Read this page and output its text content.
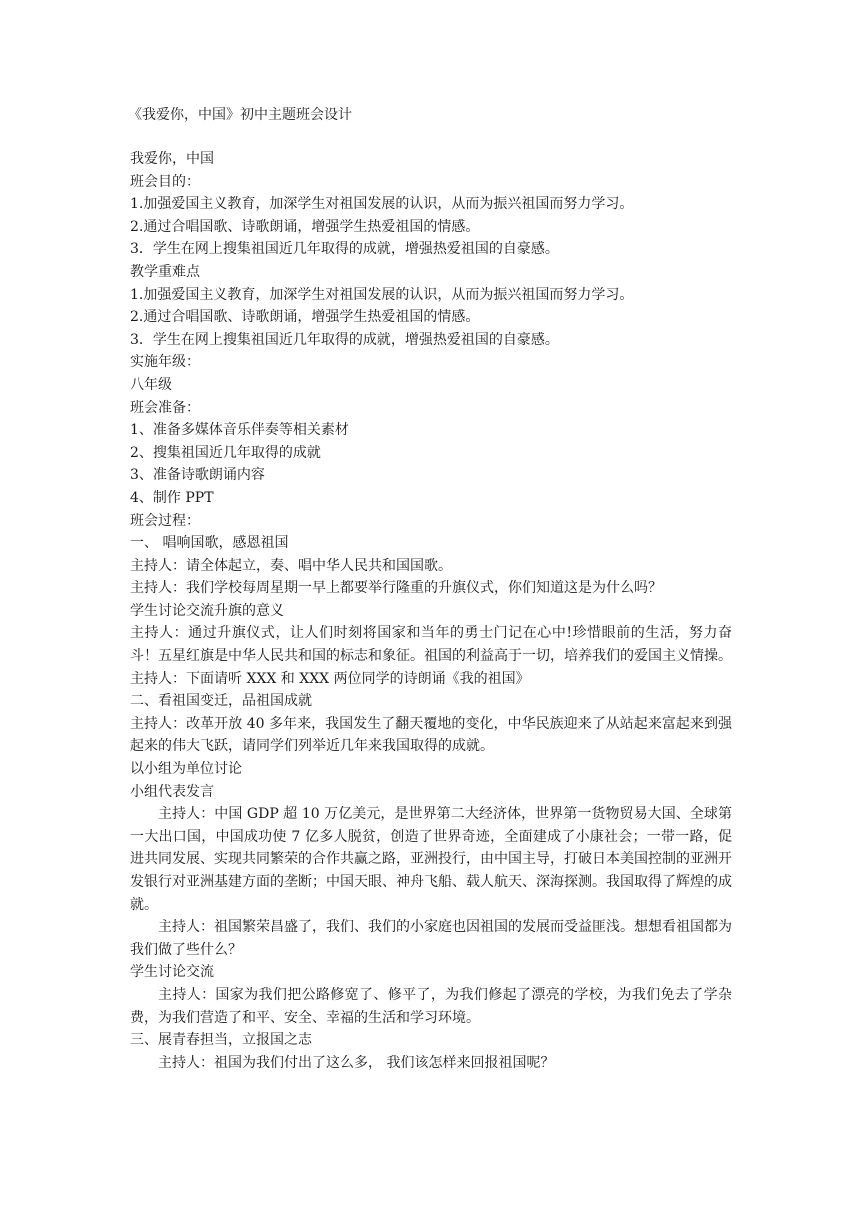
《我爱你，中国》初中主题班会设计

我爱你，中国

班会目的：

1.加强爱国主义教育，加深学生对祖国发展的认识，从而为振兴祖国而努力学习。

2.通过合唱国歌、诗歌朗诵，增强学生热爱祖国的情感。

3．学生在网上搜集祖国近几年取得的成就，增强热爱祖国的自豪感。

教学重难点

1.加强爱国主义教育，加深学生对祖国发展的认识，从而为振兴祖国而努力学习。

2.通过合唱国歌、诗歌朗诵，增强学生热爱祖国的情感。

3．学生在网上搜集祖国近几年取得的成就，增强热爱祖国的自豪感。

实施年级：

八年级

班会准备：

1、准备多媒体音乐伴奏等相关素材

2、搜集祖国近几年取得的成就

3、准备诗歌朗诵内容

4、制作 PPT

班会过程：

一、 唱响国歌，感恩祖国

主持人：请全体起立，奏、唱中华人民共和国国歌。

主持人：我们学校每周星期一早上都要举行隆重的升旗仪式，你们知道这是为什么吗？

学生讨论交流升旗的意义

主持人：通过升旗仪式，让人们时刻将国家和当年的勇士门记在心中!珍惜眼前的生活，努力奋斗！五星红旗是中华人民共和国的标志和象征。祖国的利益高于一切，培养我们的爱国主义情操。

主持人：下面请听 XXX 和 XXX 两位同学的诗朗诵《我的祖国》

二、看祖国变迁，品祖国成就

主持人：改革开放 40 多年来，我国发生了翻天覆地的变化，中华民族迎来了从站起来富起来到强起来的伟大飞跃，请同学们列举近几年来我国取得的成就。

以小组为单位讨论

小组代表发言

主持人：中国 GDP 超 10 万亿美元，是世界第二大经济体，世界第一货物贸易大国、全球第一大出口国，中国成功使 7 亿多人脱贫，创造了世界奇迹，全面建成了小康社会；一带一路，促进共同发展、实现共同繁荣的合作共赢之路，亚洲投行，由中国主导，打破日本美国控制的亚洲开发银行对亚洲基建方面的垄断；中国天眼、神舟飞船、载人航天、深海探测。我国取得了辉煌的成就。

主持人：祖国繁荣昌盛了，我们、我们的小家庭也因祖国的发展而受益匪浅。想想看祖国都为我们做了些什么？

学生讨论交流

主持人：国家为我们把公路修宽了、修平了，为我们修起了漂亮的学校，为我们免去了学杂费，为我们营造了和平、安全、幸福的生活和学习环境。

三、展青春担当，立报国之志

主持人：祖国为我们付出了这么多， 我们该怎样来回报祖国呢？
